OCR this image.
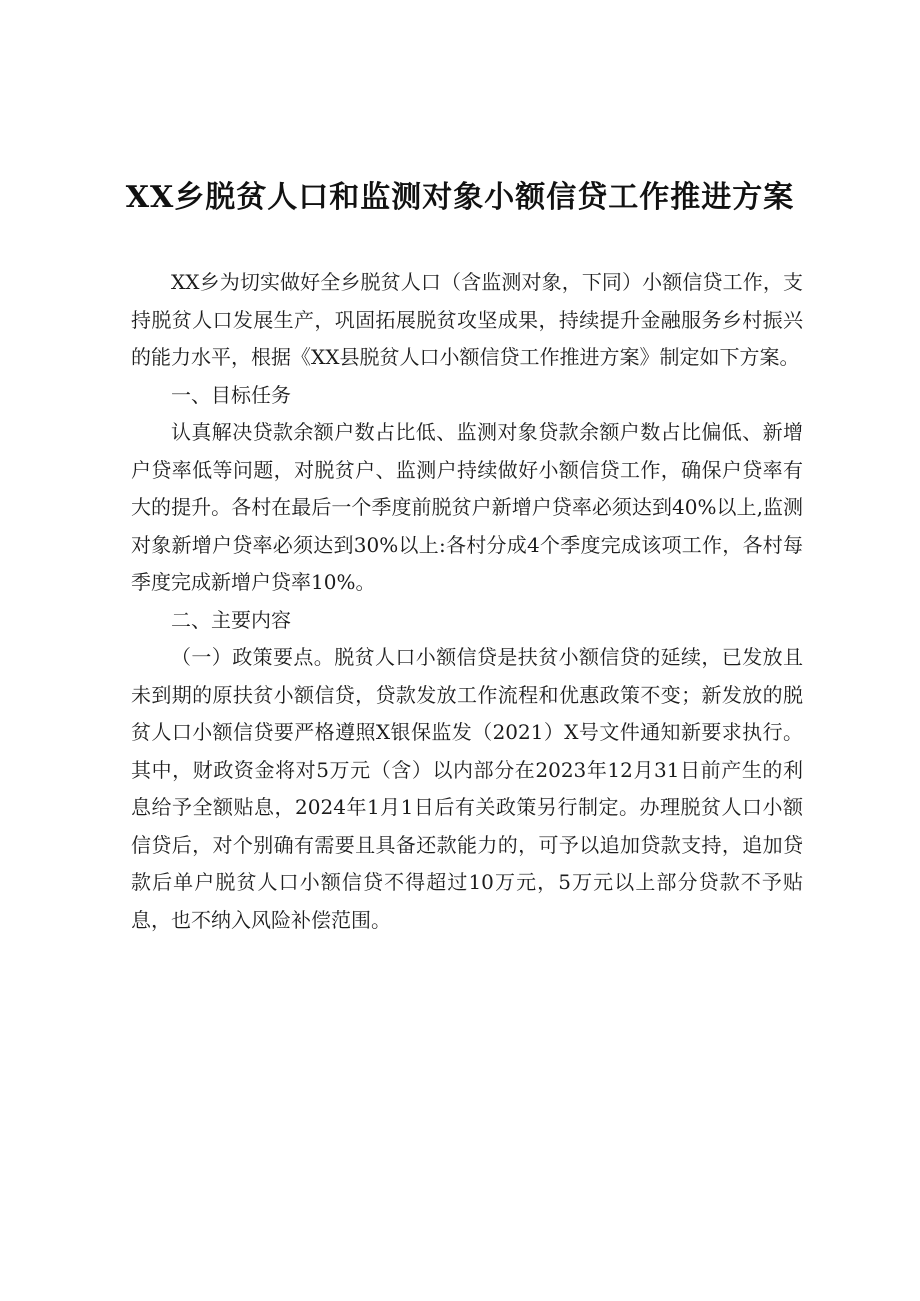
XX乡脱贫人口和监测对象小额信贷工作推进方案

XX乡为切实做好全乡脱贫人口（含监测对象，下同）小额信贷工作，支持脱贫人口发展生产，巩固拓展脱贫攻坚成果，持续提升金融服务乡村振兴的能力水平，根据《XX县脱贫人口小额信贷工作推进方案》制定如下方案。

一、目标任务

认真解决贷款余额户数占比低、监测对象贷款余额户数占比偏低、新增户贷率低等问题，对脱贫户、监测户持续做好小额信贷工作，确保户贷率有大的提升。各村在最后一个季度前脱贫户新增户贷率必须达到40%以上,监测对象新增户贷率必须达到30%以上:各村分成4个季度完成该项工作，各村每季度完成新增户贷率10%。

二、主要内容

（一）政策要点。脱贫人口小额信贷是扶贫小额信贷的延续，已发放且未到期的原扶贫小额信贷，贷款发放工作流程和优惠政策不变；新发放的脱贫人口小额信贷要严格遵照X银保监发（2021）X号文件通知新要求执行。其中，财政资金将对5万元（含）以内部分在2023年12月31日前产生的利息给予全额贴息，2024年1月1日后有关政策另行制定。办理脱贫人口小额信贷后，对个别确有需要且具备还款能力的，可予以追加贷款支持，追加贷款后单户脱贫人口小额信贷不得超过10万元，5万元以上部分贷款不予贴息，也不纳入风险补偿范围。
